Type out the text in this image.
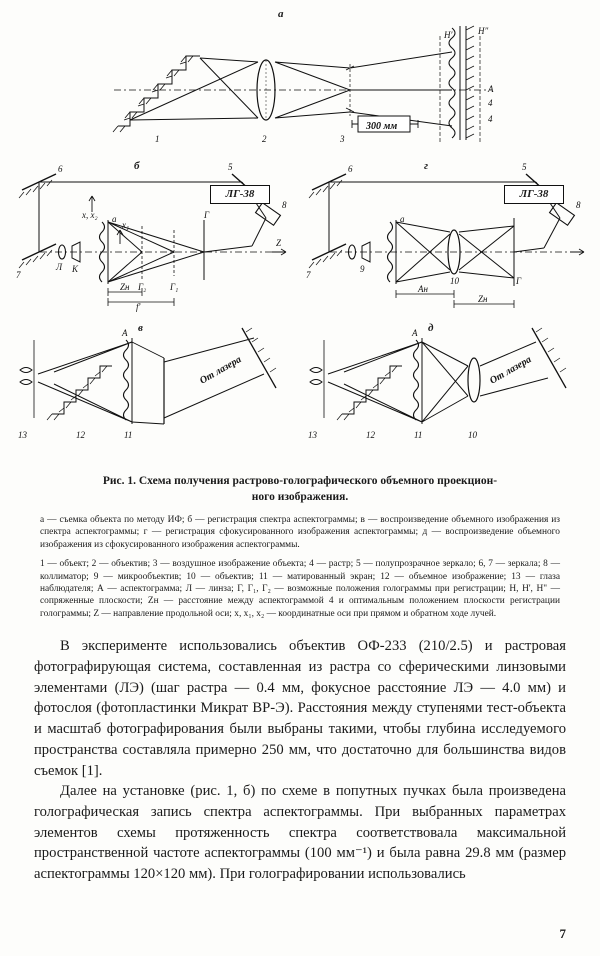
а
1	2	3
4
4
A
H′	H″
300 мм
б
6
7
5
8
Л К
x, x₂ a
x₁
Z
Zн
Г
Г₂	Г₁
f′
ЛГ-38
г
6
7
5
8
9
10
a
Aн
Zн
Г
ЛГ-38
в
13	12	11
А
От лазера
д
13	12	11	10
А
От лазера
Рис. 1. Схема получения растрово-голографического объемного проекцион-
ного изображения.
а — съемка объекта по методу ИФ; б — регистрация спектра аспектограммы; в — воспроизведение объемного изображения из спектра аспектограммы; г — регистрация сфокусированного изображения аспектограммы; д — воспроизведение объемного изображения из сфокусированного изображения аспектограммы.
1 — объект; 2 — объектив; 3 — воздушное изображение объекта; 4 — растр; 5 — полупрозрачное зеркало; 6, 7 — зеркала; 8 — коллиматор; 9 — микрообъектив; 10 — объектив; 11 — матированный экран; 12 — объемное изображение; 13 — глаза наблюдателя; А — аспектограмма; Л — линза; Г, Г₁, Г₂ — возможные положения голограммы при регистрации; Н, Н', Н" — сопряженные плоскости; Zн — расстояние между аспектограммой 4 и оптимальным положением плоскости регистрации голограммы; Z — направление продольной оси; x, x₁, x₂ — координатные оси при прямом и обратном ходе лучей.

В эксперименте использовались объектив ОФ-233 (210/2.5) и растровая фотографирующая система, составленная из растра со сферическими линзовыми элементами (ЛЭ) (шаг растра — 0.4 мм, фокусное расстояние ЛЭ — 4.0 мм) и фотослоя (фотопластинки Микрат ВР-Э). Расстояния между ступенями тест-объекта и масштаб фотографирования были выбраны такими, чтобы глубина исследуемого пространства составляла примерно 250 мм, что достаточно для большинства видов съемок [1].

Далее на установке (рис. 1, б) по схеме в попутных пучках была произведена голографическая запись спектра аспектограммы. При выбранных параметрах элементов схемы протяженность спектра соответствовала максимальной пространственной частоте аспектограммы (100 мм⁻¹) и была равна 29.8 мм (размер аспектограммы 120×120 мм). При голографировании использовались

7
